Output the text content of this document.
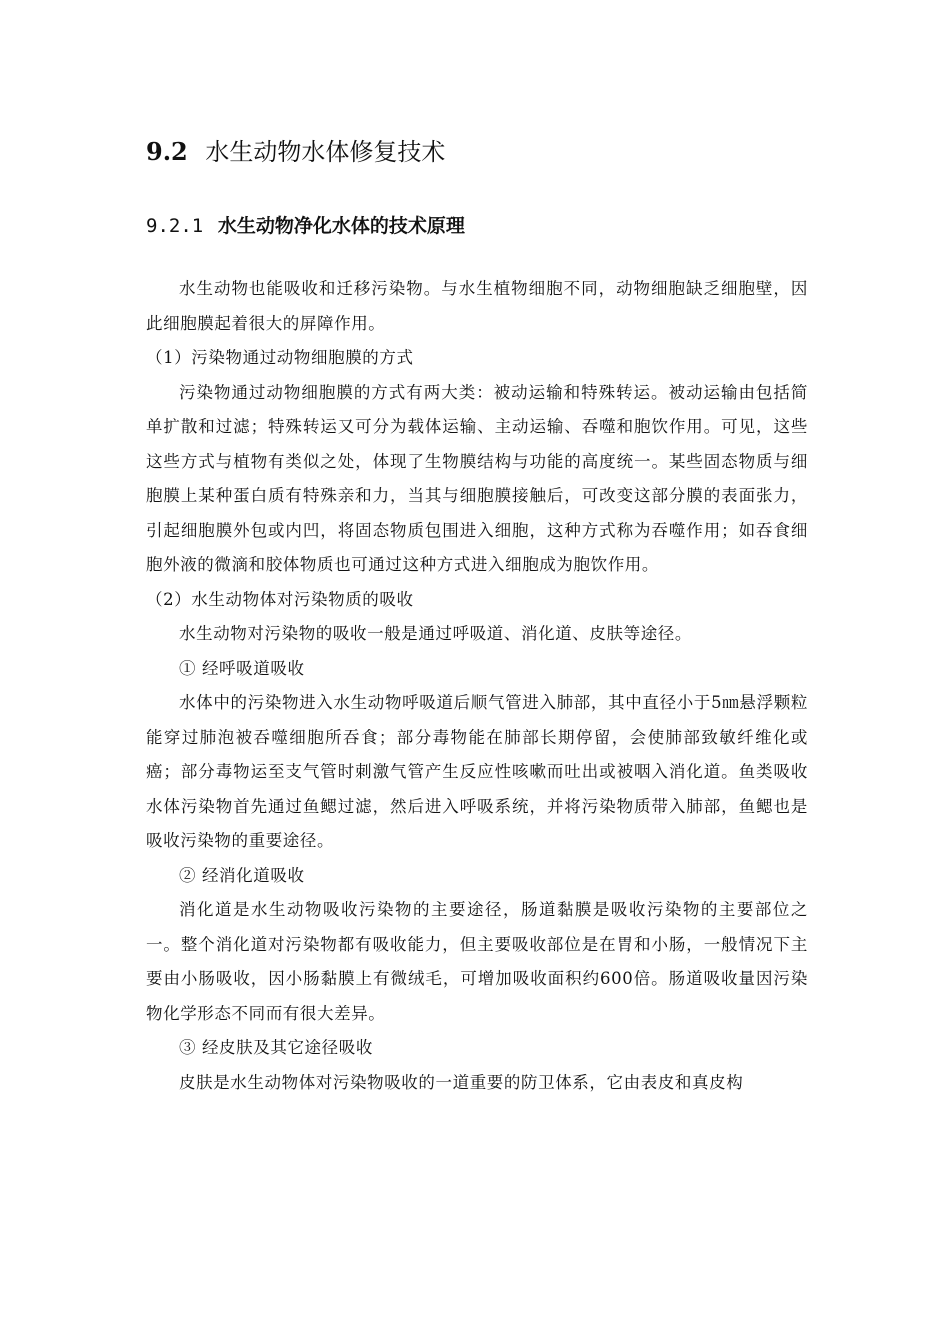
9.2 水生动物水体修复技术
9.2.1 水生动物净化水体的技术原理

水生动物也能吸收和迁移污染物。与水生植物细胞不同，动物细胞缺乏细胞壁，因此细胞膜起着很大的屏障作用。

（1）污染物通过动物细胞膜的方式

污染物通过动物细胞膜的方式有两大类：被动运输和特殊转运。被动运输由包括简单扩散和过滤；特殊转运又可分为载体运输、主动运输、吞噬和胞饮作用。可见，这些这些方式与植物有类似之处，体现了生物膜结构与功能的高度统一。某些固态物质与细胞膜上某种蛋白质有特殊亲和力，当其与细胞膜接触后，可改变这部分膜的表面张力，引起细胞膜外包或内凹，将固态物质包围进入细胞，这种方式称为吞噬作用；如吞食细胞外液的微滴和胶体物质也可通过这种方式进入细胞成为胞饮作用。

（2）水生动物体对污染物质的吸收

水生动物对污染物的吸收一般是通过呼吸道、消化道、皮肤等途径。

① 经呼吸道吸收

水体中的污染物进入水生动物呼吸道后顺气管进入肺部，其中直径小于5㎚悬浮颗粒能穿过肺泡被吞噬细胞所吞食；部分毒物能在肺部长期停留，会使肺部致敏纤维化或癌；部分毒物运至支气管时刺激气管产生反应性咳嗽而吐出或被咽入消化道。鱼类吸收水体污染物首先通过鱼鳃过滤，然后进入呼吸系统，并将污染物质带入肺部，鱼鳃也是吸收污染物的重要途径。

② 经消化道吸收

消化道是水生动物吸收污染物的主要途径，肠道黏膜是吸收污染物的主要部位之一。整个消化道对污染物都有吸收能力，但主要吸收部位是在胃和小肠，一般情况下主要由小肠吸收，因小肠黏膜上有微绒毛，可增加吸收面积约600倍。肠道吸收量因污染物化学形态不同而有很大差异。

③ 经皮肤及其它途径吸收

皮肤是水生动物体对污染物吸收的一道重要的防卫体系，它由表皮和真皮构
